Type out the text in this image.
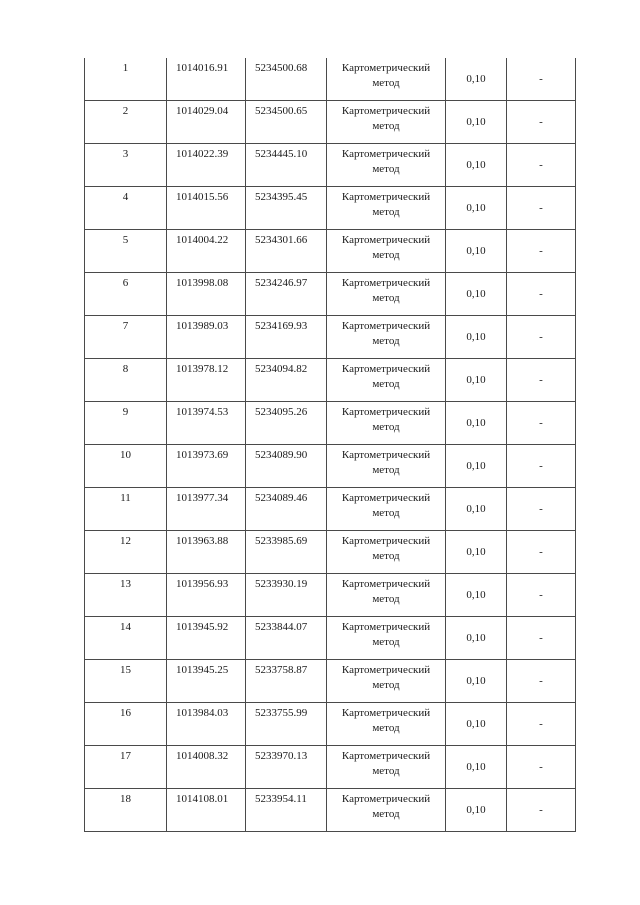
1	1014016.91	5234500.68	Картометрический метод	0,10	-

2	1014029.04	5234500.65	Картометрический метод	0,10	-

3	1014022.39	5234445.10	Картометрический метод	0,10	-

4	1014015.56	5234395.45	Картометрический метод	0,10	-

5	1014004.22	5234301.66	Картометрический метод	0,10	-

6	1013998.08	5234246.97	Картометрический метод	0,10	-

7	1013989.03	5234169.93	Картометрический метод	0,10	-

8	1013978.12	5234094.82	Картометрический метод	0,10	-

9	1013974.53	5234095.26	Картометрический метод	0,10	-

10	1013973.69	5234089.90	Картометрический метод	0,10	-

11	1013977.34	5234089.46	Картометрический метод	0,10	-

12	1013963.88	5233985.69	Картометрический метод	0,10	-

13	1013956.93	5233930.19	Картометрический метод	0,10	-

14	1013945.92	5233844.07	Картометрический метод	0,10	-

15	1013945.25	5233758.87	Картометрический метод	0,10	-

16	1013984.03	5233755.99	Картометрический метод	0,10	-

17	1014008.32	5233970.13	Картометрический метод	0,10	-

18	1014108.01	5233954.11	Картометрический метод	0,10	-
